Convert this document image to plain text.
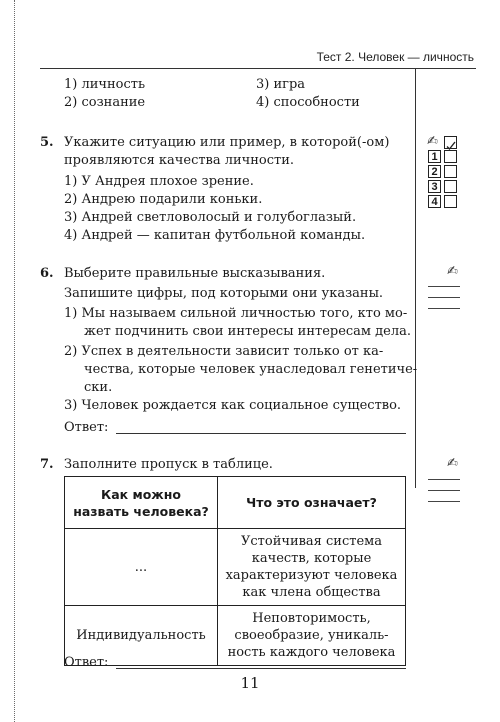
Тест 2. Человек — личность
1) личность
2) сознание
3) игра
4) способности
5. Укажите ситуацию или пример, в которой(-ом)
проявляются качества личности.
1) У Андрея плохое зрение.
2) Андрею подарили коньки.
3) Андрей светловолосый и голубоглазый.
4) Андрей — капитан футбольной команды.
✍
1
2
3
4
6. Выберите правильные высказывания.
Запишите цифры, под которыми они указаны.
1) Мы называем сильной личностью того, кто мо-
жет подчинить свои интересы интересам дела.
2) Успех в деятельности зависит только от ка-
чества, которые человек унаследовал генетиче-
ски.
3) Человек рождается как социальное существо.
Ответ:
✍
7. Заполните пропуск в таблице.	✍
Как можно
назвать человека?	Что это означает?

...	Устойчивая система
качеств, которые
характеризуют человека
как члена общества

Индивидуальность	Неповторимость,
своеобразие, уникаль-
ность каждого человека
Ответ:
11
